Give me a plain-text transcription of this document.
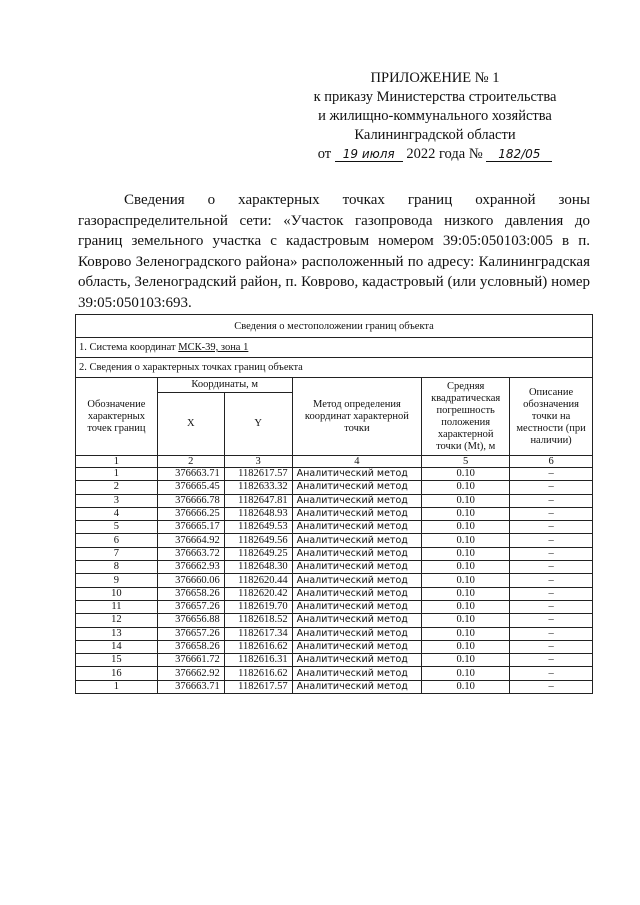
ПРИЛОЖЕНИЕ № 1
к приказу Министерства строительства
и жилищно-коммунального хозяйства
Калининградской области
от 19 июля 2022 года № 182/05
Сведения о характерных точках границ охранной зоны газораспределительной сети: «Участок газопровода низкого давления до границ земельного участка с кадастровым номером 39:05:050103:005 в п. Коврово Зеленоградского района» расположенный по адресу: Калининградская область, Зеленоградский район, п. Коврово, кадастровый (или условный) номер 39:05:050103:693.
Сведения о местоположении границ объекта					
1. Система координат МСК-39, зона 1					
2. Сведения о характерных точках границ объекта					
Обозначение характерных точек границ	Координаты, м		Метод определения координат характерной точки	Средняя квадратическая погрешность положения характерной точки (Mt), м	Описание обозначения точки на местности (при наличии)
	X	Y			
1	2	3	4	5	6
1	376663.71	1182617.57	Аналитический метод	0.10	–
2	376665.45	1182633.32	Аналитический метод	0.10	–
3	376666.78	1182647.81	Аналитический метод	0.10	–
4	376666.25	1182648.93	Аналитический метод	0.10	–
5	376665.17	1182649.53	Аналитический метод	0.10	–
6	376664.92	1182649.56	Аналитический метод	0.10	–
7	376663.72	1182649.25	Аналитический метод	0.10	–
8	376662.93	1182648.30	Аналитический метод	0.10	–
9	376660.06	1182620.44	Аналитический метод	0.10	–
10	376658.26	1182620.42	Аналитический метод	0.10	–
11	376657.26	1182619.70	Аналитический метод	0.10	–
12	376656.88	1182618.52	Аналитический метод	0.10	–
13	376657.26	1182617.34	Аналитический метод	0.10	–
14	376658.26	1182616.62	Аналитический метод	0.10	–
15	376661.72	1182616.31	Аналитический метод	0.10	–
16	376662.92	1182616.62	Аналитический метод	0.10	–
1	376663.71	1182617.57	Аналитический метод	0.10	–
